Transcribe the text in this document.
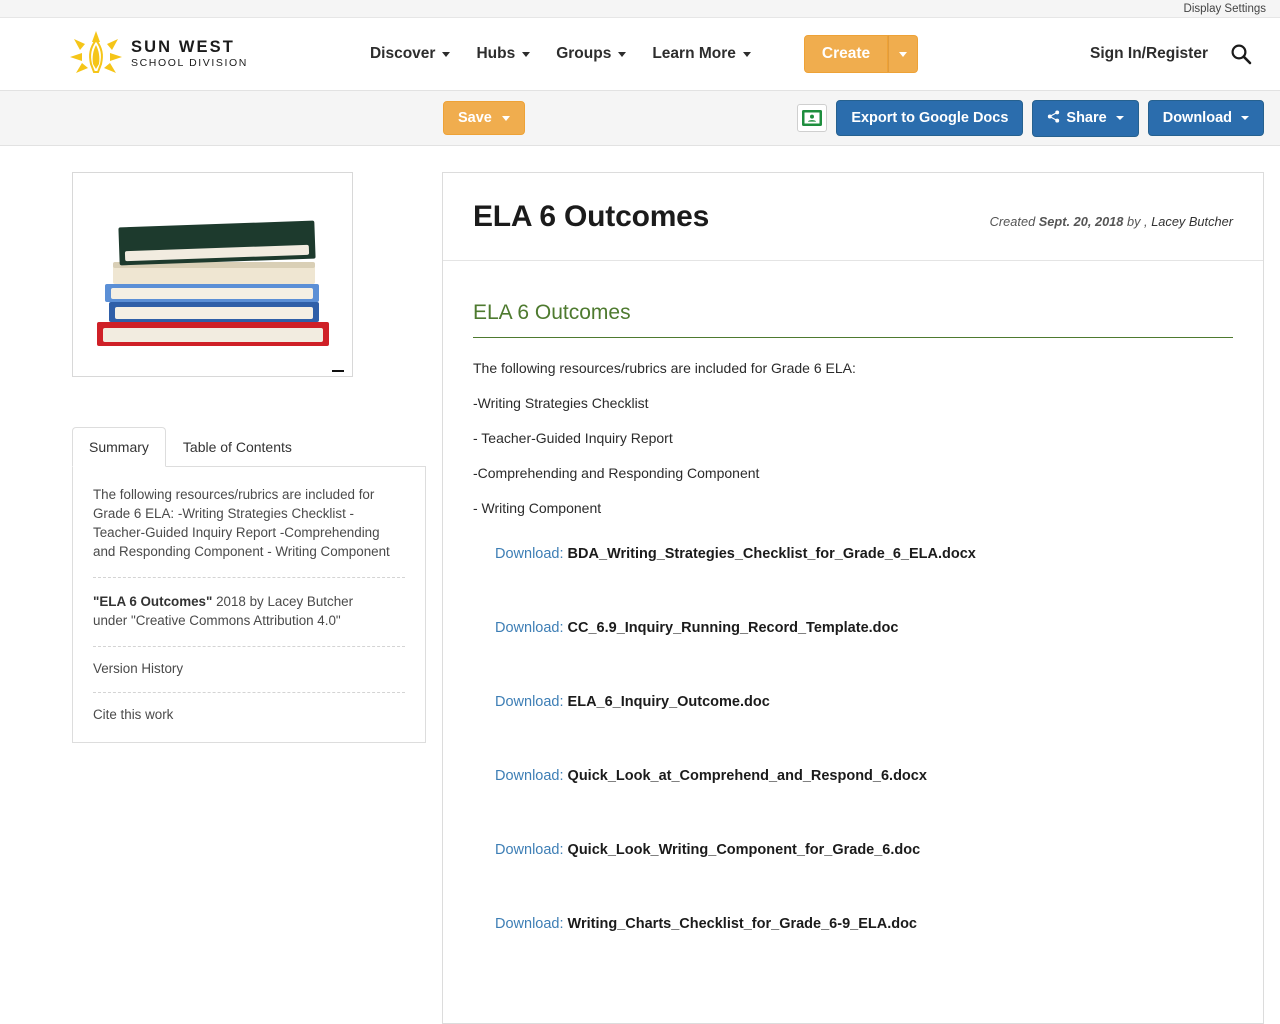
Display Settings
SUN WEST
SCHOOL DIVISION
Discover	Hubs	Groups	Learn More	Create	Sign In/Register
Save	Export to Google Docs	Share	Download
Summary	Table of Contents
The following resources/rubrics are included for Grade 6 ELA: -Writing Strategies Checklist - Teacher-Guided Inquiry Report -Comprehending and Responding Component - Writing Component
"ELA 6 Outcomes" 2018 by Lacey Butcher
under "Creative Commons Attribution 4.0"
Version History
Cite this work
ELA 6 Outcomes	Created Sept. 20, 2018 by , Lacey Butcher
ELA 6 Outcomes

The following resources/rubrics are included for Grade 6 ELA:

-Writing Strategies Checklist

- Teacher-Guided Inquiry Report

-Comprehending and Responding Component

- Writing Component

Download: BDA_Writing_Strategies_Checklist_for_Grade_6_ELA.docx
Download: CC_6.9_Inquiry_Running_Record_Template.doc
Download: ELA_6_Inquiry_Outcome.doc
Download: Quick_Look_at_Comprehend_and_Respond_6.docx
Download: Quick_Look_Writing_Component_for_Grade_6.doc
Download: Writing_Charts_Checklist_for_Grade_6-9_ELA.doc
